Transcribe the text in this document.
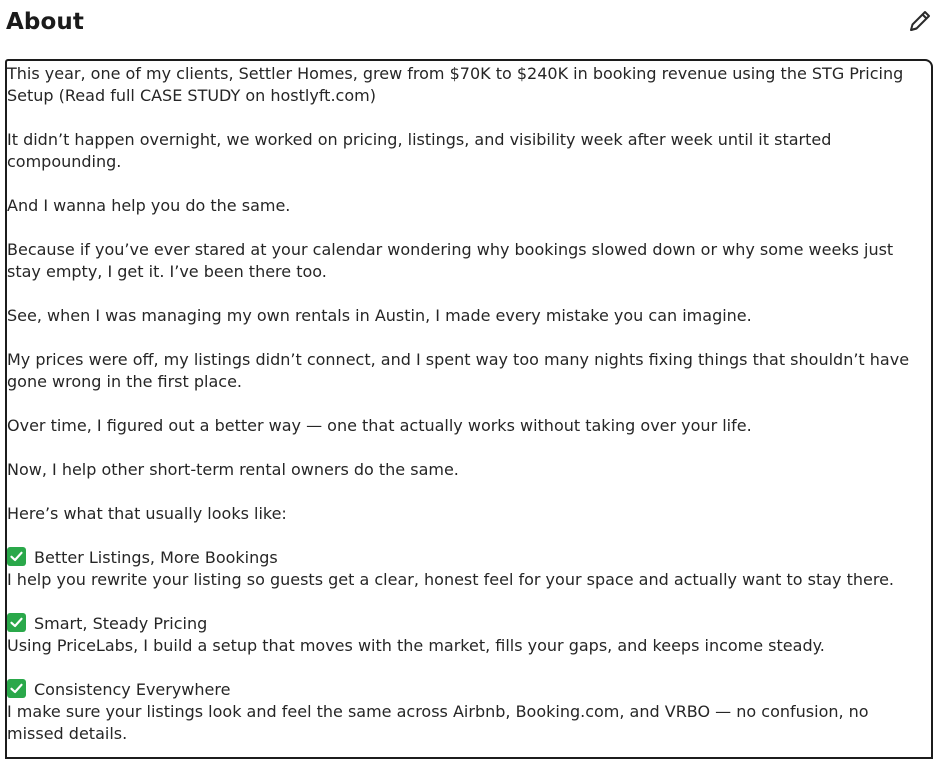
About

This year, one of my clients, Settler Homes, grew from $70K to $240K in booking revenue using the STG Pricing Setup (Read full CASE STUDY on hostlyft.com)

It didn’t happen overnight, we worked on pricing, listings, and visibility week after week until it started compounding.

And I wanna help you do the same.

Because if you’ve ever stared at your calendar wondering why bookings slowed down or why some weeks just stay empty, I get it. I’ve been there too.

See, when I was managing my own rentals in Austin, I made every mistake you can imagine.

My prices were off, my listings didn’t connect, and I spent way too many nights fixing things that shouldn’t have gone wrong in the first place.

Over time, I figured out a better way — one that actually works without taking over your life.

Now, I help other short-term rental owners do the same.

Here’s what that usually looks like:

Better Listings, More Bookings

I help you rewrite your listing so guests get a clear, honest feel for your space and actually want to stay there.

Smart, Steady Pricing

Using PriceLabs, I build a setup that moves with the market, fills your gaps, and keeps income steady.

Consistency Everywhere

I make sure your listings look and feel the same across Airbnb, Booking.com, and VRBO — no confusion, no missed details.
